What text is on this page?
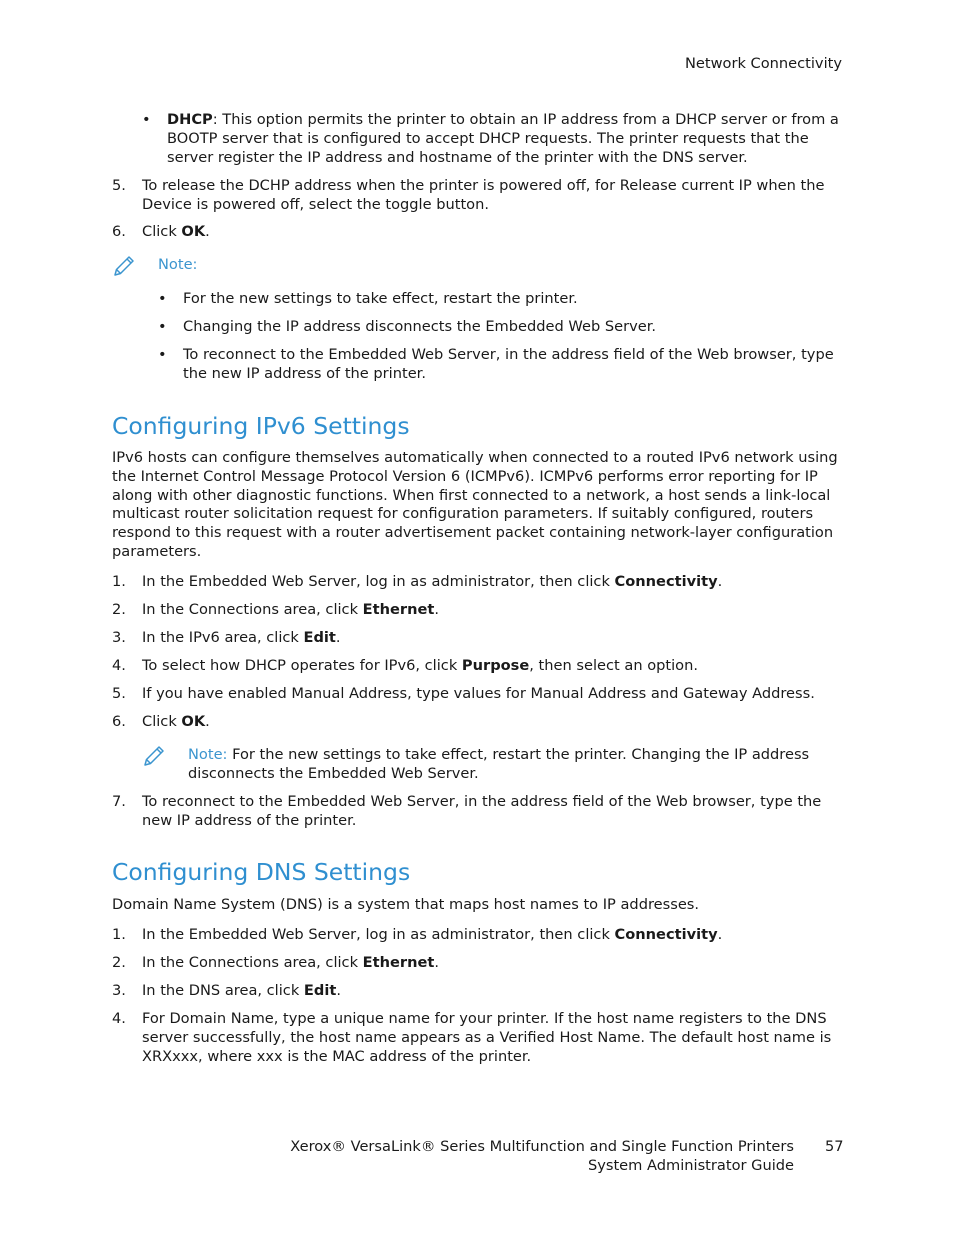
Network Connectivity
• DHCP: This option permits the printer to obtain an IP address from a DHCP server or from a BOOTP server that is configured to accept DHCP requests. The printer requests that the server register the IP address and hostname of the printer with the DNS server.
5.	To release the DCHP address when the printer is powered off, for Release current IP when the Device is powered off, select the toggle button.
6.	Click OK.
Note:
• For the new settings to take effect, restart the printer.
• Changing the IP address disconnects the Embedded Web Server.
• To reconnect to the Embedded Web Server, in the address field of the Web browser, type the new IP address of the printer.
Configuring IPv6 Settings
IPv6 hosts can configure themselves automatically when connected to a routed IPv6 network using the Internet Control Message Protocol Version 6 (ICMPv6). ICMPv6 performs error reporting for IP along with other diagnostic functions. When first connected to a network, a host sends a link-local multicast router solicitation request for configuration parameters. If suitably configured, routers respond to this request with a router advertisement packet containing network-layer configuration parameters.
1.	In the Embedded Web Server, log in as administrator, then click Connectivity.
2.	In the Connections area, click Ethernet.
3.	In the IPv6 area, click Edit.
4.	To select how DHCP operates for IPv6, click Purpose, then select an option.
5.	If you have enabled Manual Address, type values for Manual Address and Gateway Address.
6.	Click OK.
Note: For the new settings to take effect, restart the printer. Changing the IP address disconnects the Embedded Web Server.
7.	To reconnect to the Embedded Web Server, in the address field of the Web browser, type the new IP address of the printer.
Configuring DNS Settings
Domain Name System (DNS) is a system that maps host names to IP addresses.
1.	In the Embedded Web Server, log in as administrator, then click Connectivity.
2.	In the Connections area, click Ethernet.
3.	In the DNS area, click Edit.
4.	For Domain Name, type a unique name for your printer. If the host name registers to the DNS server successfully, the host name appears as a Verified Host Name. The default host name is XRXxxx, where xxx is the MAC address of the printer.
Xerox® VersaLink® Series Multifunction and Single Function Printers
System Administrator Guide
57
